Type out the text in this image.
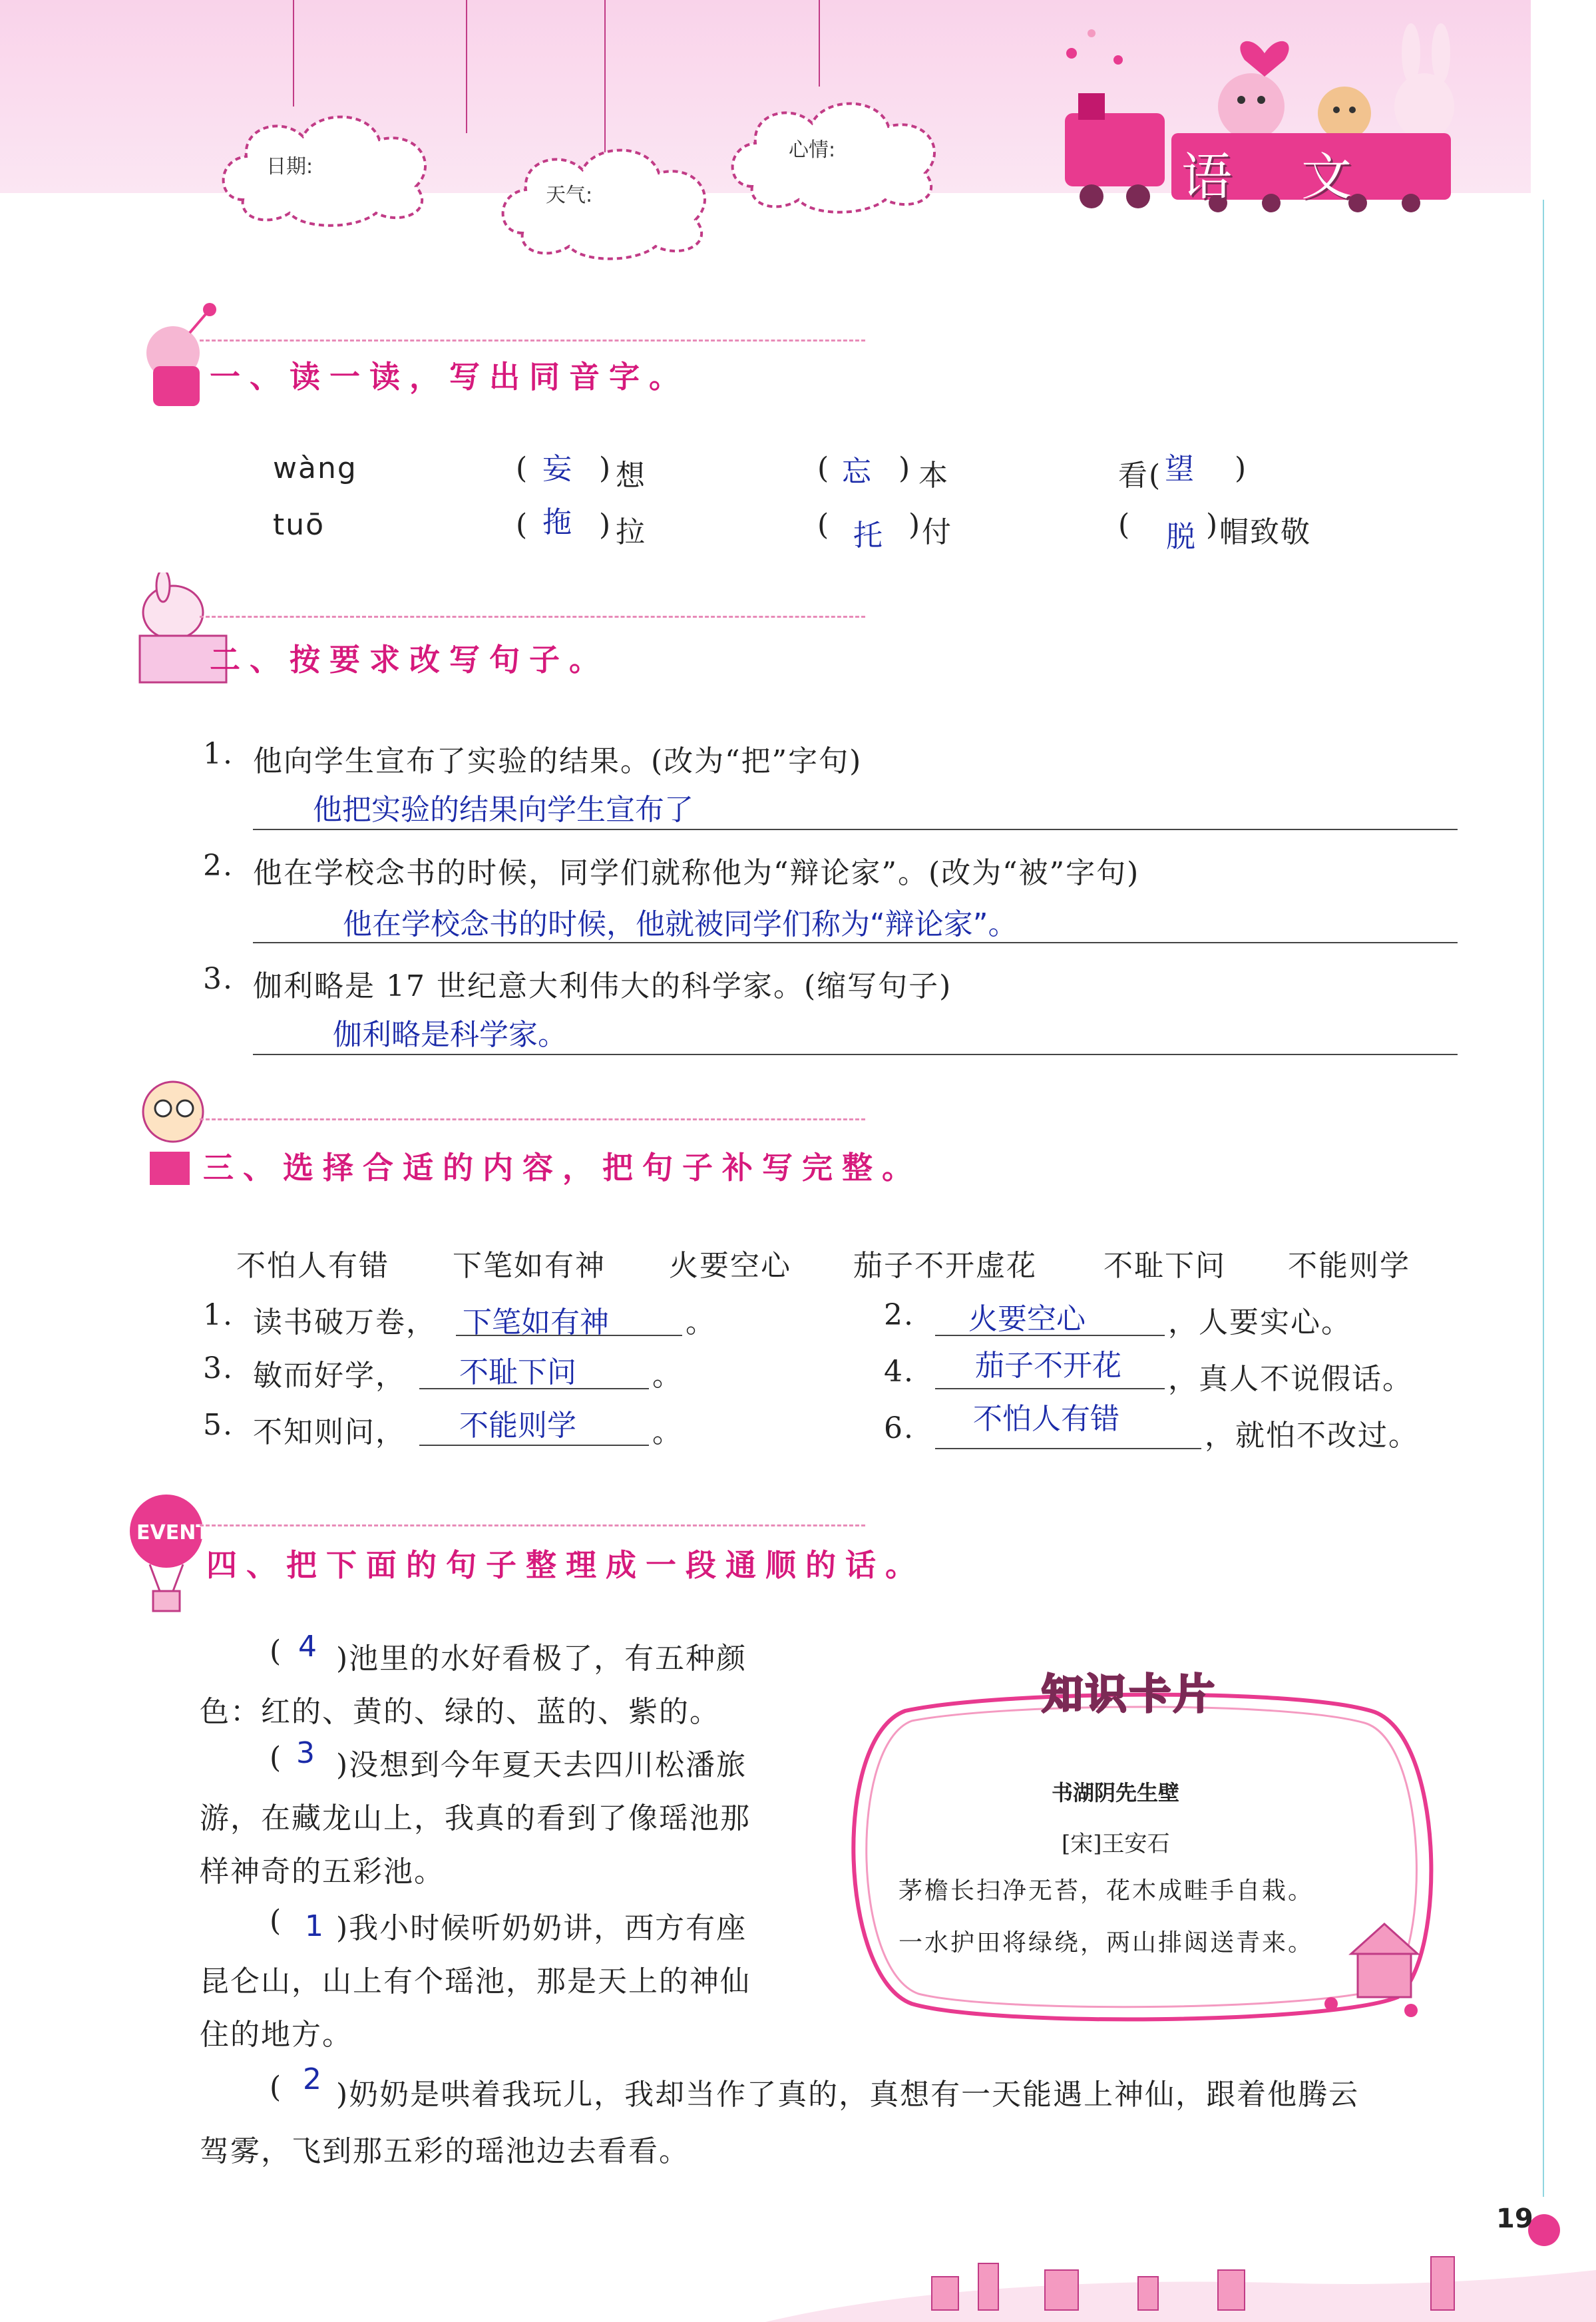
日期:
天气:
心情:	语 文
一、读一读，写出同音字。
wàng	( 妄 ) 想	( 忘 ) 本	看( 望 )
tuō	( 拖 ) 拉	( 托 ) 付	( 脱 ) 帽致敬
二、按要求改写句子。
1. 他向学生宣布了实验的结果。(改为“把”字句)
他把实验的结果向学生宣布了
2. 他在学校念书的时候，同学们就称他为“辩论家”。(改为“被”字句)
他在学校念书的时候，他就被同学们称为“辩论家”。
3. 伽利略是 17 世纪意大利伟大的科学家。(缩写句子)
伽利略是科学家。
三、选择合适的内容，把句子补写完整。
不怕人有错 下笔如有神 火要空心 茄子不开虚花 不耻下问 不能则学
1. 读书破万卷， 下笔如有神	。
3. 敏而好学， 不耻下问	。
5. 不知则问， 不能则学	。
2. 火要空心	，人要实心。
4. 茄子不开花 ，真人不说假话。
6. 不怕人有错	，就怕不改过。
EVENT
四、把下面的句子整理成一段通顺的话。
( 4 )池里的水好看极了，有五种颜
色：红的、黄的、绿的、蓝的、紫的。
( 3 )没想到今年夏天去四川松潘旅
游，在藏龙山上，我真的看到了像瑶池那
样神奇的五彩池。
( 1 )我小时候听奶奶讲，西方有座
昆仑山，山上有个瑶池，那是天上的神仙
住的地方。
( 2 )奶奶是哄着我玩儿，我却当作了真的，真想有一天能遇上神仙，跟着他腾云
驾雾，飞到那五彩的瑶池边去看看。
知识卡片
书湖阴先生壁
[宋]王安石
茅檐长扫净无苔，花木成畦手自栽。
一水护田将绿绕，两山排闼送青来。
19
